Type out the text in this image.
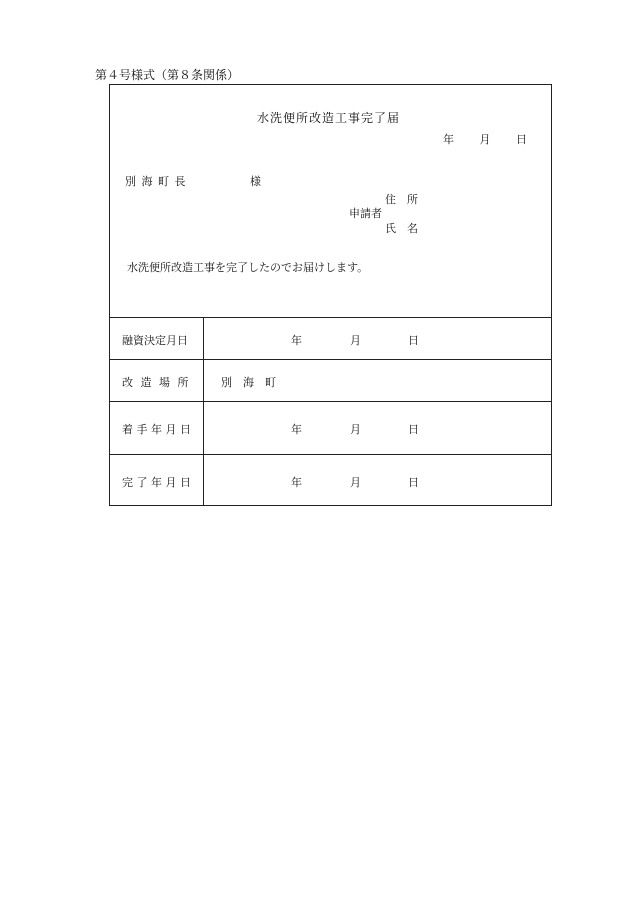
第４号様式（第８条関係）
水洗便所改造工事完了届
年 月 日
別 海 町 長	様
住　所
申請者
氏　名
水洗便所改造工事を完了したのでお届けします。
融資決定月日	年	月	日
改 造 場 所	別　海　町
着 手 年 月 日	年	月	日
完 了 年 月 日	年	月	日
